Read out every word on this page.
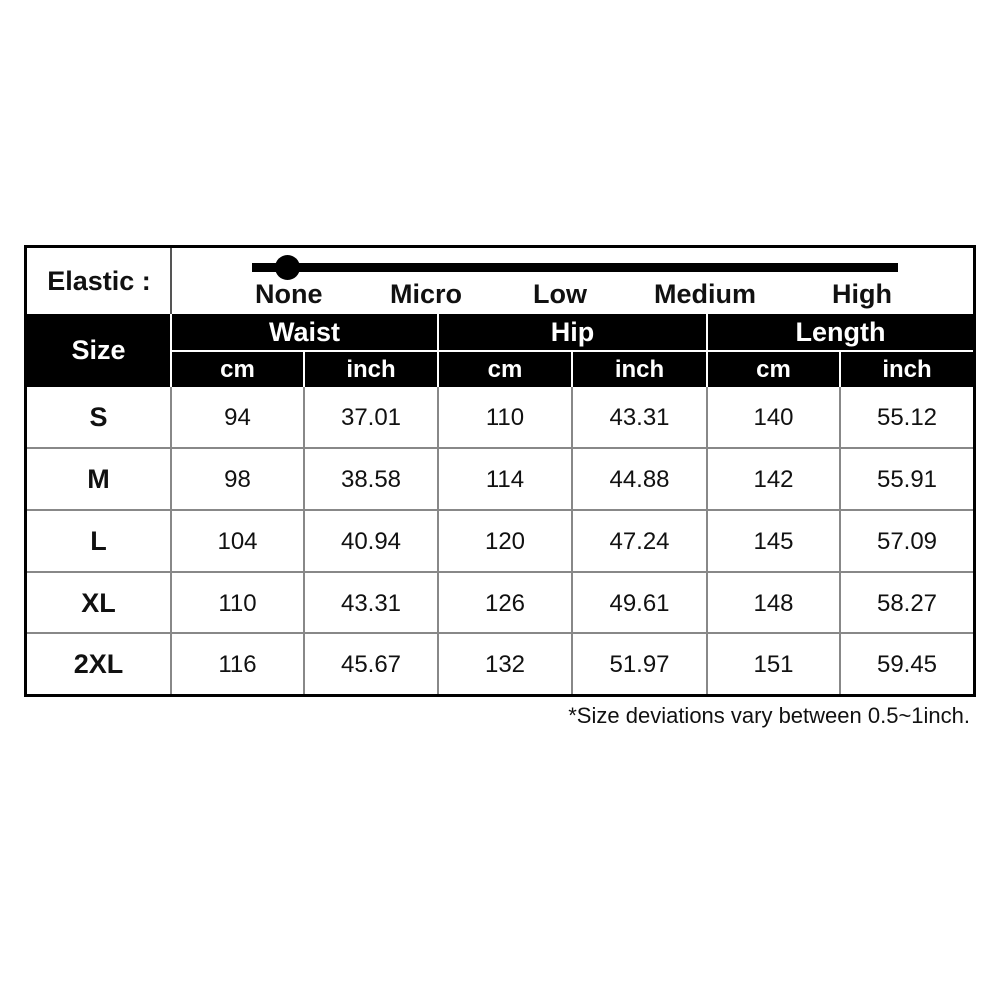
Elastic :	None	Micro	Low Medium	High
Size
Waist	Hip	Length
cm	inch	cm	inch	cm	inch
S	94	37.01	110	43.31	140	55.12
M	98	38.58	114	44.88	142	55.91
L	104	40.94	120	47.24	145	57.09
XL	110	43.31	126	49.61	148	58.27
2XL	116	45.67	132	51.97	151	59.45
*Size deviations vary between 0.5~1inch.
